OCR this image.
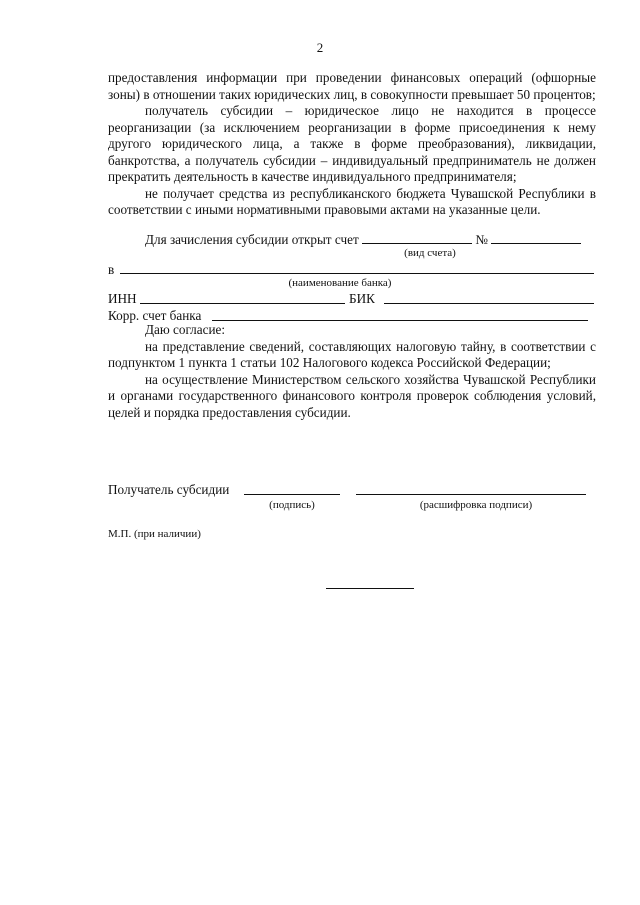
2

предоставления информации при проведении финансовых операций (офшорные зоны) в отношении таких юридических лиц, в совокупности превышает 50 процентов;

получатель субсидии – юридическое лицо не находится в процессе реорганизации (за исключением реорганизации в форме присоединения к нему другого юридического лица, а также в форме преобразования), ликвидации, банкротства, а получатель субсидии – индивидуальный предприниматель не должен прекратить деятельность в качестве индивидуального предпринимателя;

не получает средства из республиканского бюджета Чувашской Республики в соответствии с иными нормативными правовыми актами на указанные цели.

Для зачисления субсидии открыт счет	№
(вид счета)
в
(наименование банка)
ИНН	БИК
Корр. счет банка

Даю согласие:

на представление сведений, составляющих налоговую тайну, в соответствии с подпунктом 1 пункта 1 статьи 102 Налогового кодекса Российской Федерации;

на осуществление Министерством сельского хозяйства Чувашской Республики и органами государственного финансового контроля проверок соблюдения условий, целей и порядка предоставления субсидии.

Получатель субсидии
(подпись)	(расшифровка подписи)
М.П. (при наличии)
